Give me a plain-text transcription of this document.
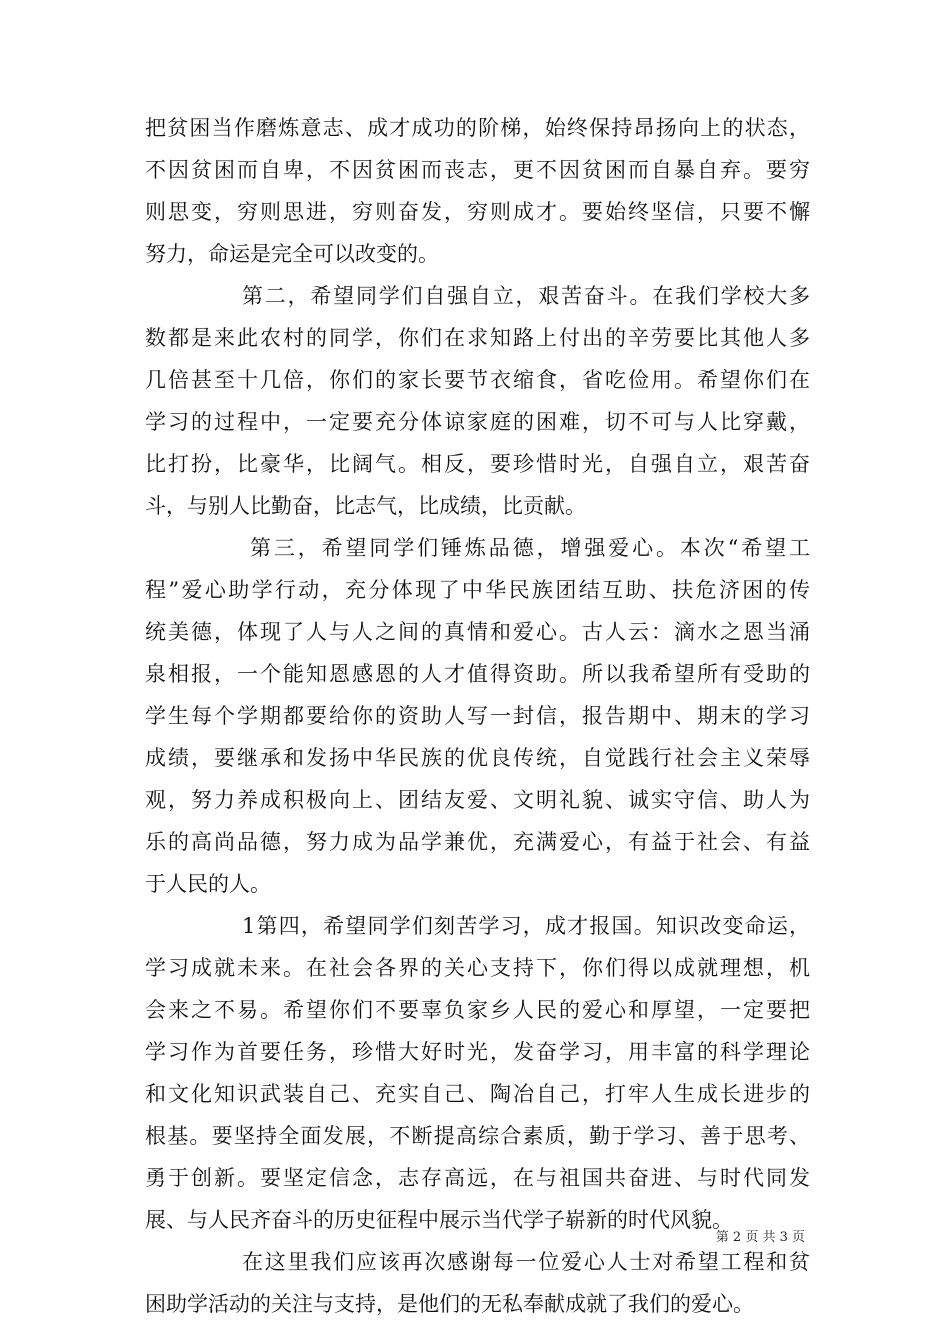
把贫困当作磨炼意志、成才成功的阶梯，始终保持昂扬向上的状态，
不因贫困而自卑，不因贫困而丧志，更不因贫困而自暴自弃。要穷
则思变，穷则思进，穷则奋发，穷则成才。要始终坚信，只要不懈
努力，命运是完全可以改变的。
第二，希望同学们自强自立，艰苦奋斗。在我们学校大多
数都是来此农村的同学，你们在求知路上付出的辛劳要比其他人多
几倍甚至十几倍，你们的家长要节衣缩食，省吃俭用。希望你们在
学习的过程中，一定要充分体谅家庭的困难，切不可与人比穿戴，
比打扮，比豪华，比阔气。相反，要珍惜时光，自强自立，艰苦奋
斗，与别人比勤奋，比志气，比成绩，比贡献。
第三，希望同学们锤炼品德，增强爱心。本次“希望工
程”爱心助学行动，充分体现了中华民族团结互助、扶危济困的传
统美德，体现了人与人之间的真情和爱心。古人云：滴水之恩当涌
泉相报，一个能知恩感恩的人才值得资助。所以我希望所有受助的
学生每个学期都要给你的资助人写一封信，报告期中、期末的学习
成绩，要继承和发扬中华民族的优良传统，自觉践行社会主义荣辱
观，努力养成积极向上、团结友爱、文明礼貌、诚实守信、助人为
乐的高尚品德，努力成为品学兼优，充满爱心，有益于社会、有益
于人民的人。
1第四，希望同学们刻苦学习，成才报国。知识改变命运，
学习成就未来。在社会各界的关心支持下，你们得以成就理想，机
会来之不易。希望你们不要辜负家乡人民的爱心和厚望，一定要把
学习作为首要任务，珍惜大好时光，发奋学习，用丰富的科学理论
和文化知识武装自己、充实自己、陶冶自己，打牢人生成长进步的
根基。要坚持全面发展，不断提高综合素质，勤于学习、善于思考、
勇于创新。要坚定信念，志存高远，在与祖国共奋进、与时代同发
展、与人民齐奋斗的历史征程中展示当代学子崭新的时代风貌。
在这里我们应该再次感谢每一位爱心人士对希望工程和贫
困助学活动的关注与支持，是他们的无私奉献成就了我们的爱心。
第 2 页 共 3 页
